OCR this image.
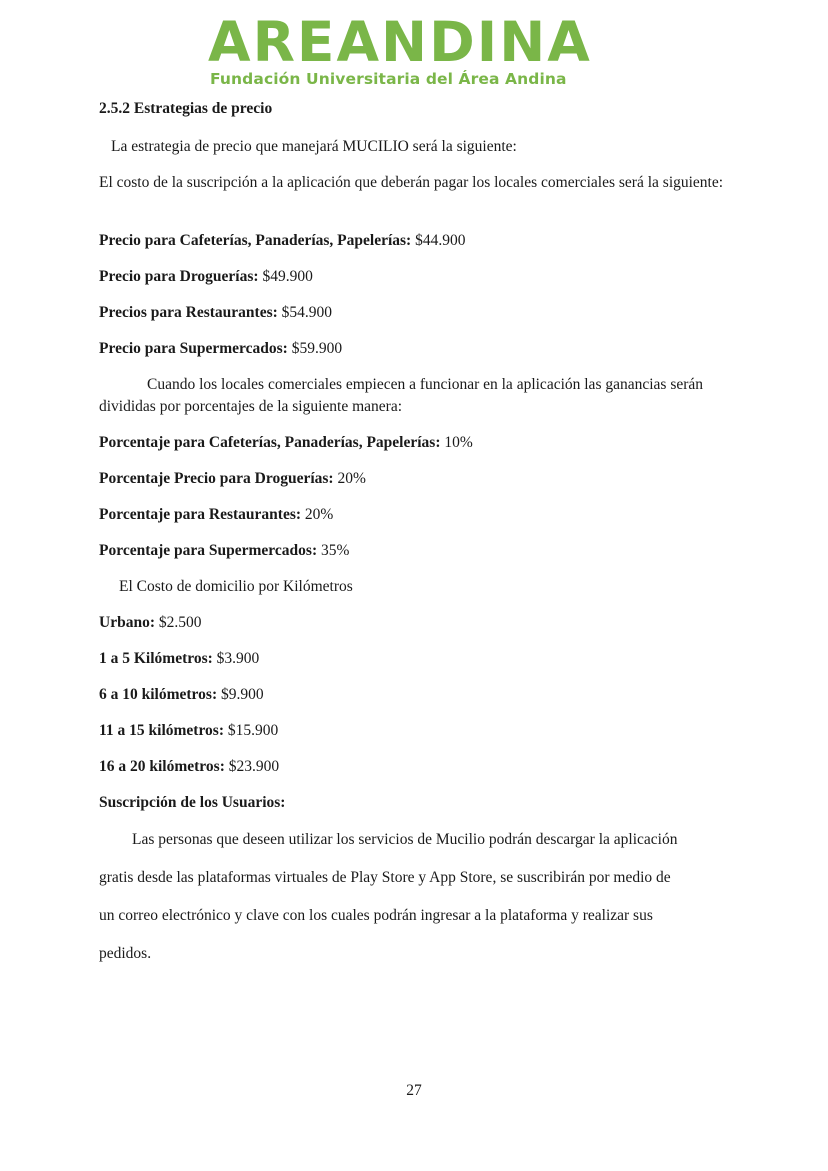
AREANDINA
Fundación Universitaria del Área Andina
2.5.2 Estrategias de precio
La estrategia de precio que manejará MUCILIO será la siguiente:
El costo de la suscripción a la aplicación que deberán pagar los locales comerciales será la siguiente:
Precio para Cafeterías, Panaderías, Papelerías: $44.900
Precio para Droguerías: $49.900
Precios para Restaurantes: $54.900
Precio para Supermercados: $59.900
Cuando los locales comerciales empiecen a funcionar en la aplicación las ganancias serán divididas por porcentajes de la siguiente manera:
Porcentaje para Cafeterías, Panaderías, Papelerías: 10%
Porcentaje Precio para Droguerías: 20%
Porcentaje para Restaurantes: 20%
Porcentaje para Supermercados: 35%
El Costo de domicilio por Kilómetros
Urbano: $2.500
1 a 5 Kilómetros: $3.900
6 a 10 kilómetros: $9.900
11 a 15 kilómetros: $15.900
16 a 20 kilómetros: $23.900
Suscripción de los Usuarios:
Las personas que deseen utilizar los servicios de Mucilio podrán descargar la aplicación
gratis desde las plataformas virtuales de Play Store y App Store, se suscribirán por medio de
un correo electrónico y clave con los cuales podrán ingresar a la plataforma y realizar sus
pedidos.
27
